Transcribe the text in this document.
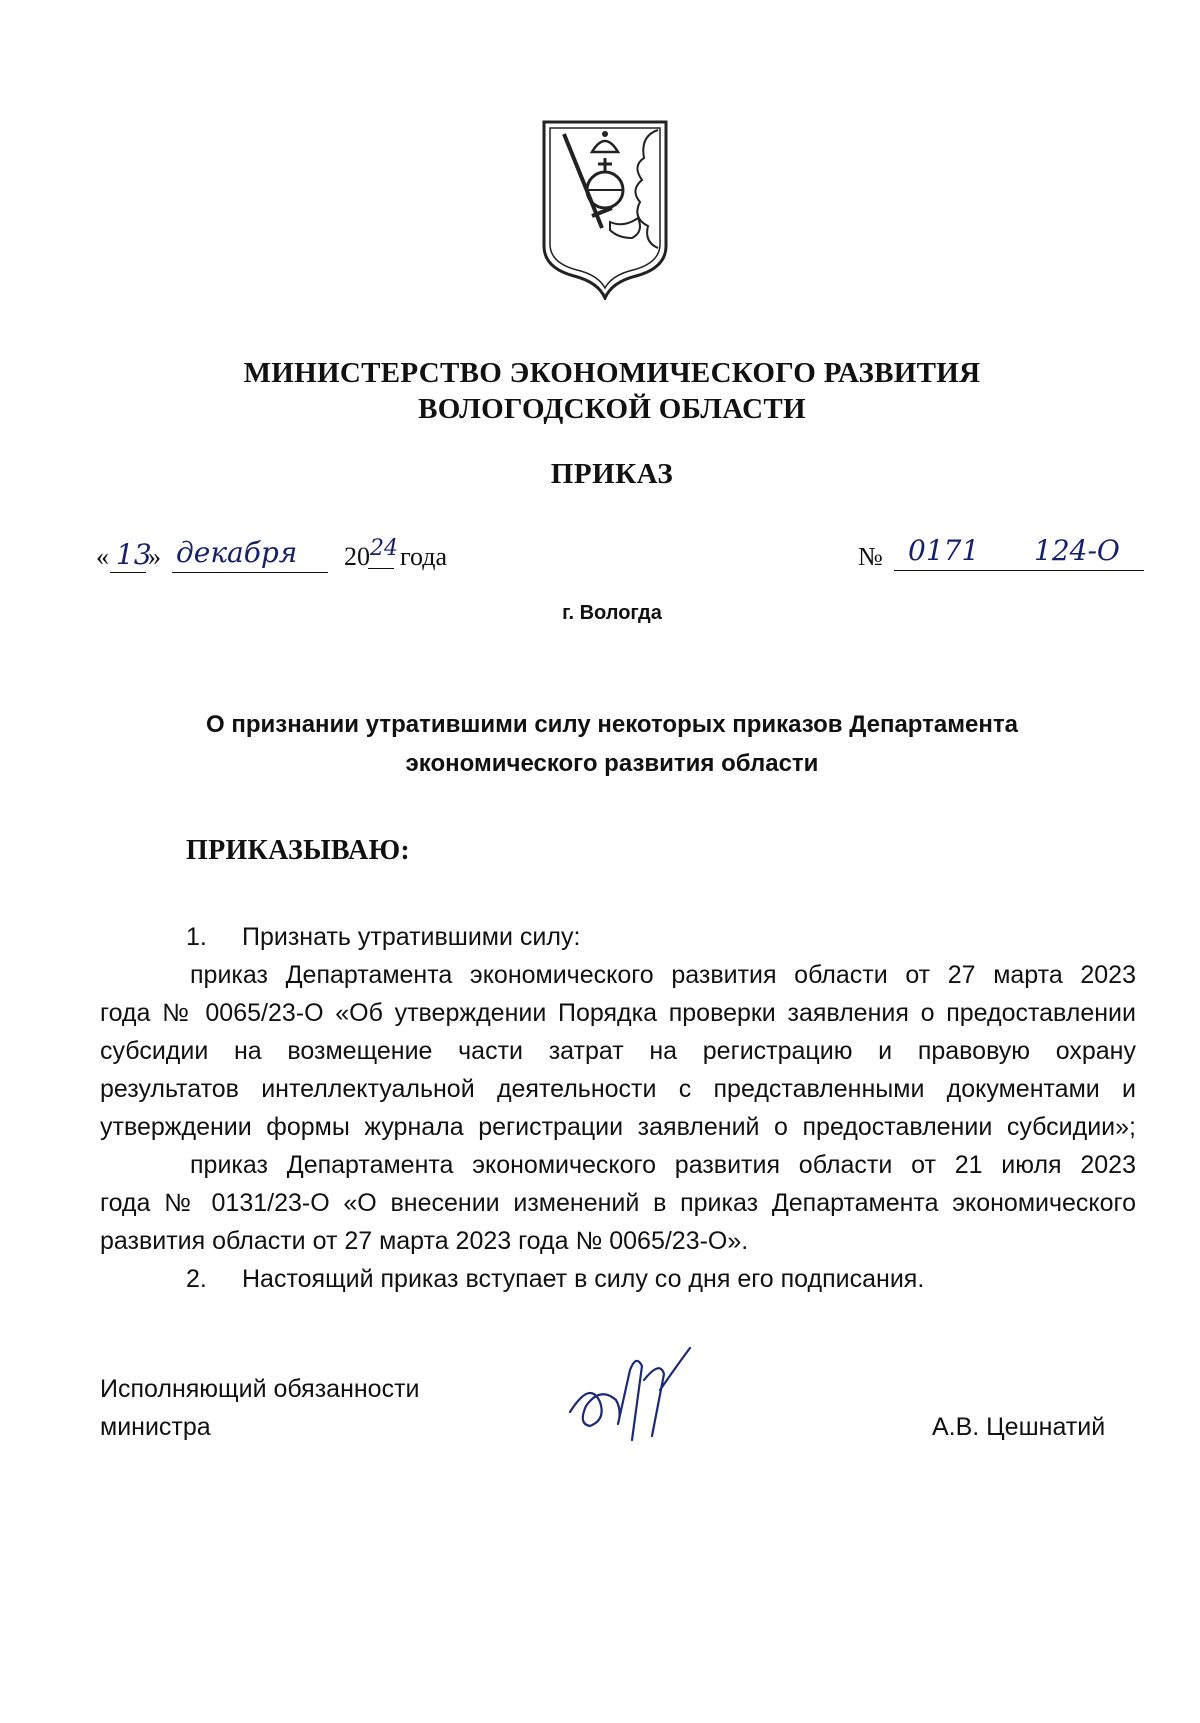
МИНИСТЕРСТВО ЭКОНОМИЧЕСКОГО РАЗВИТИЯ
ВОЛОГОДСКОЙ ОБЛАСТИ
ПРИКАЗ
« 13
» декабря 20 24 года	№ 0171 124-О
г. Вологда
О признании утратившими силу некоторых приказов Департамента
экономического развития области
ПРИКАЗЫВАЮ:
1. Признать утратившими силу:
приказ Департамента экономического развития области от 27 марта 2023
года № 0065/23-О «Об утверждении Порядка проверки заявления о предоставлении
субсидии на возмещение части затрат на регистрацию и правовую охрану
результатов интеллектуальной деятельности с представленными документами и
утверждении формы журнала регистрации заявлений о предоставлении субсидии»;
приказ Департамента экономического развития области от 21 июля 2023
года № 0131/23-О «О внесении изменений в приказ Департамента экономического
развития области от 27 марта 2023 года № 0065/23-О».
2. Настоящий приказ вступает в силу со дня его подписания.
Исполняющий обязанности
министра	А.В. Цешнатий
